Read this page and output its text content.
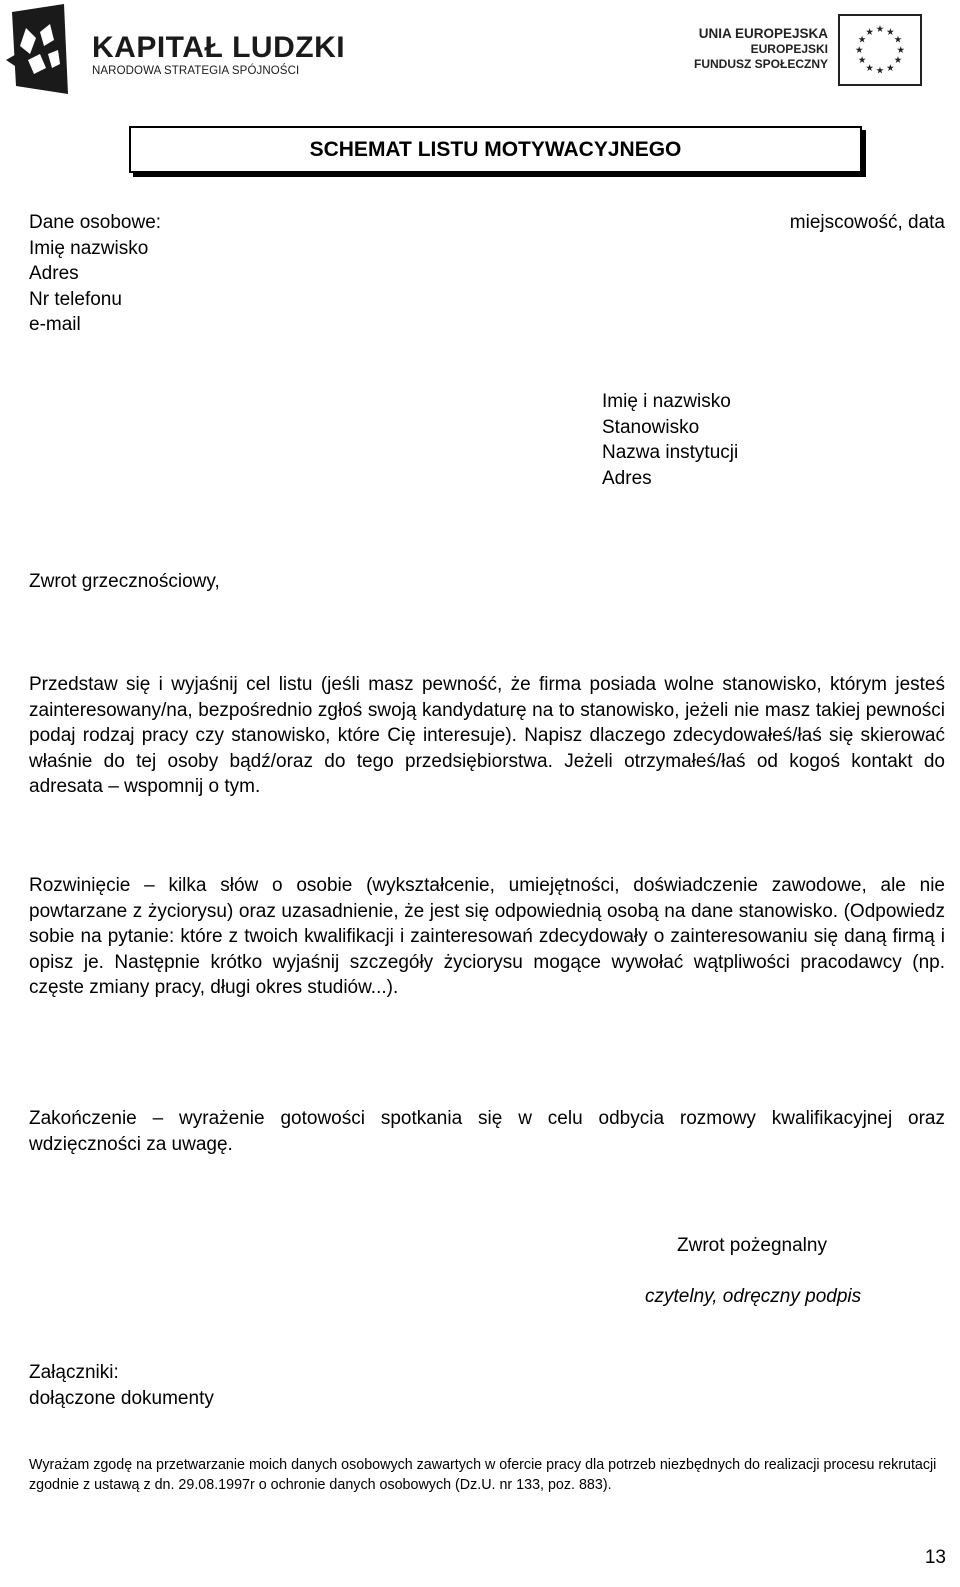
KAPITAŁ LUDZKI
NARODOWA STRATEGIA SPÓJNOŚCI
UNIA EUROPEJSKA
EUROPEJSKI
FUNDUSZ SPOŁECZNY
★ ★
★
★
★
★
★
★
★
★
★
★
SCHEMAT LISTU MOTYWACYJNEGO
Dane osobowe:
Imię nazwisko
Adres
Nr telefonu
e-mail
miejscowość, data
Imię i nazwisko
Stanowisko
Nazwa instytucji
Adres
Zwrot grzecznościowy,
Przedstaw się i wyjaśnij cel listu (jeśli masz pewność, że firma posiada wolne stanowisko, którym jesteś zainteresowany/na, bezpośrednio zgłoś swoją kandydaturę na to stanowisko, jeżeli nie masz takiej pewności podaj rodzaj pracy czy stanowisko, które Cię interesuje). Napisz dlaczego zdecydowałeś/łaś się skierować właśnie do tej osoby bądź/oraz do tego przedsiębiorstwa. Jeżeli otrzymałeś/łaś od kogoś kontakt do adresata – wspomnij o tym.
Rozwinięcie – kilka słów o osobie (wykształcenie, umiejętności, doświadczenie zawodowe, ale nie powtarzane z życiorysu) oraz uzasadnienie, że jest się odpowiednią osobą na dane stanowisko. (Odpowiedz sobie na pytanie: które z twoich kwalifikacji i zainteresowań zdecydowały o zainteresowaniu się daną firmą i opisz je. Następnie krótko wyjaśnij szczegóły życiorysu mogące wywołać wątpliwości pracodawcy (np. częste zmiany pracy, długi okres studiów...).
Zakończenie – wyrażenie gotowości spotkania się w celu odbycia rozmowy kwalifikacyjnej oraz wdzięczności za uwagę.
Zwrot pożegnalny
czytelny, odręczny podpis
Załączniki:
dołączone dokumenty
Wyrażam zgodę na przetwarzanie moich danych osobowych zawartych w ofercie pracy dla potrzeb niezbędnych do realizacji procesu rekrutacji zgodnie z ustawą z dn. 29.08.1997r o ochronie danych osobowych (Dz.U. nr 133, poz. 883).
13
